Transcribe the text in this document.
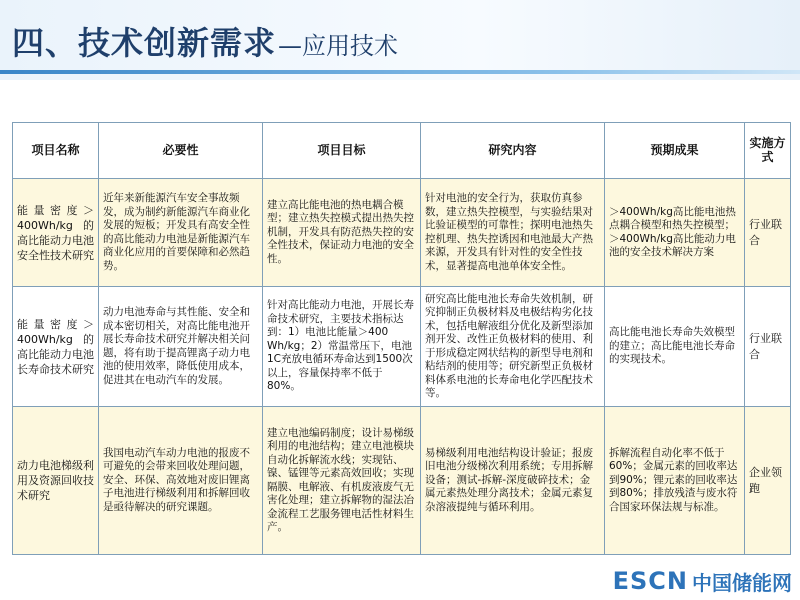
四、技术创新需求 —应用技术
项目名称	必要性	项目目标	研究内容	预期成果	实施方式
能量密度＞400Wh/kg 的高比能动力电池安全性技术研究	近年来新能源汽车安全事故频发，成为制约新能源汽车商业化发展的短板；开发具有高安全性的高比能动力电池是新能源汽车商业化应用的首要保障和必然趋势。	建立高比能电池的热电耦合模型；建立热失控模式提出热失控机制，开发具有防范热失控的安全性技术，保证动力电池的安全性。	针对电池的安全行为，获取仿真参数，建立热失控模型，与实验结果对比验证模型的可靠性；探明电池热失控机理、热失控诱因和电池最大产热来源，开发具有针对性的安全性技术，显著提高电池单体安全性。	＞400Wh/kg高比能电池热点耦合模型和热失控模型；＞400Wh/kg高比能动力电池的安全技术解决方案	行业联合
能量密度＞400Wh/kg 的高比能动力电池长寿命技术研究	动力电池寿命与其性能、安全和成本密切相关，对高比能电池开展长寿命技术研究并解决相关问题，将有助于提高锂离子动力电池的使用效率，降低使用成本，促进其在电动汽车的发展。	针对高比能动力电池，开展长寿命技术研究，主要技术指标达到：1）电池比能量＞400 Wh/kg；2）常温常压下，电池1C充放电循环寿命达到1500次以上，容量保持率不低于80%。	研究高比能电池长寿命失效机制，研究抑制正负极材料及电极结构劣化技术，包括电解液组分优化及新型添加剂开发、改性正负极材料的使用、利于形成稳定网状结构的新型导电剂和粘结剂的使用等；研究新型正负极材料体系电池的长寿命电化学匹配技术等。	高比能电池长寿命失效模型的建立；高比能电池长寿命的实现技术。	行业联合
动力电池梯级利用及资源回收技术研究	我国电动汽车动力电池的报废不可避免的会带来回收处理问题，安全、环保、高效地对废旧锂离子电池进行梯级利用和拆解回收是亟待解决的研究课题。	建立电池编码制度；设计易梯级利用的电池结构；建立电池模块自动化拆解流水线；实现钴、镍、锰锂等元素高效回收；实现隔膜、电解液、有机废液废气无害化处理；建立拆解物的湿法冶金流程工艺服务锂电活性材料生产。	易梯级利用电池结构设计验证；报废旧电池分级梯次利用系统；专用拆解设备；测试-拆解-深度破碎技术；金属元素热处理分离技术；金属元素复杂溶液提纯与循环利用。	拆解流程自动化率不低于60%；金属元素的回收率达到90%；锂元素的回收率达到80%；排放残渣与废水符合国家环保法规与标准。	企业领跑
ESCN 中国储能网
